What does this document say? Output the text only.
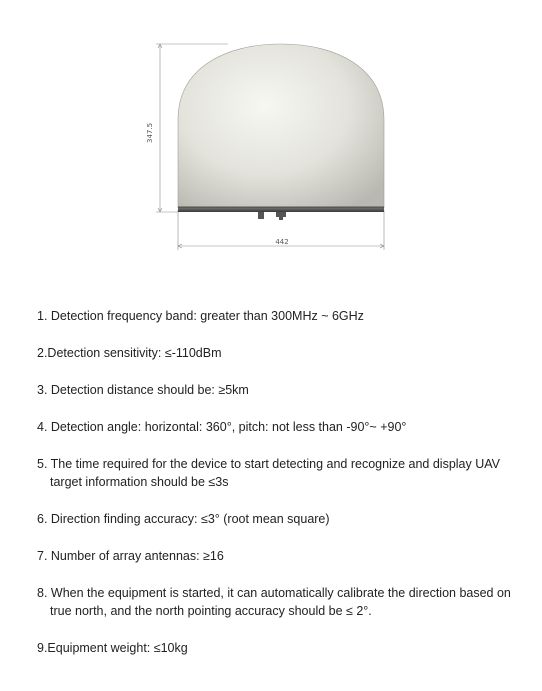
347.5
442
1. Detection frequency band: greater than 300MHz ~ 6GHz
2.Detection sensitivity: ≤-110dBm
3. Detection distance should be: ≥5km
4. Detection angle: horizontal: 360°, pitch: not less than -90°~ +90°
5. The time required for the device to start detecting and recognize and display UAV target information should be ≤3s
6. Direction finding accuracy: ≤3° (root mean square)
7. Number of array antennas: ≥16
8. When the equipment is started, it can automatically calibrate the direction based on true north, and the north pointing accuracy should be ≤ 2°.
9.Equipment weight: ≤10kg
